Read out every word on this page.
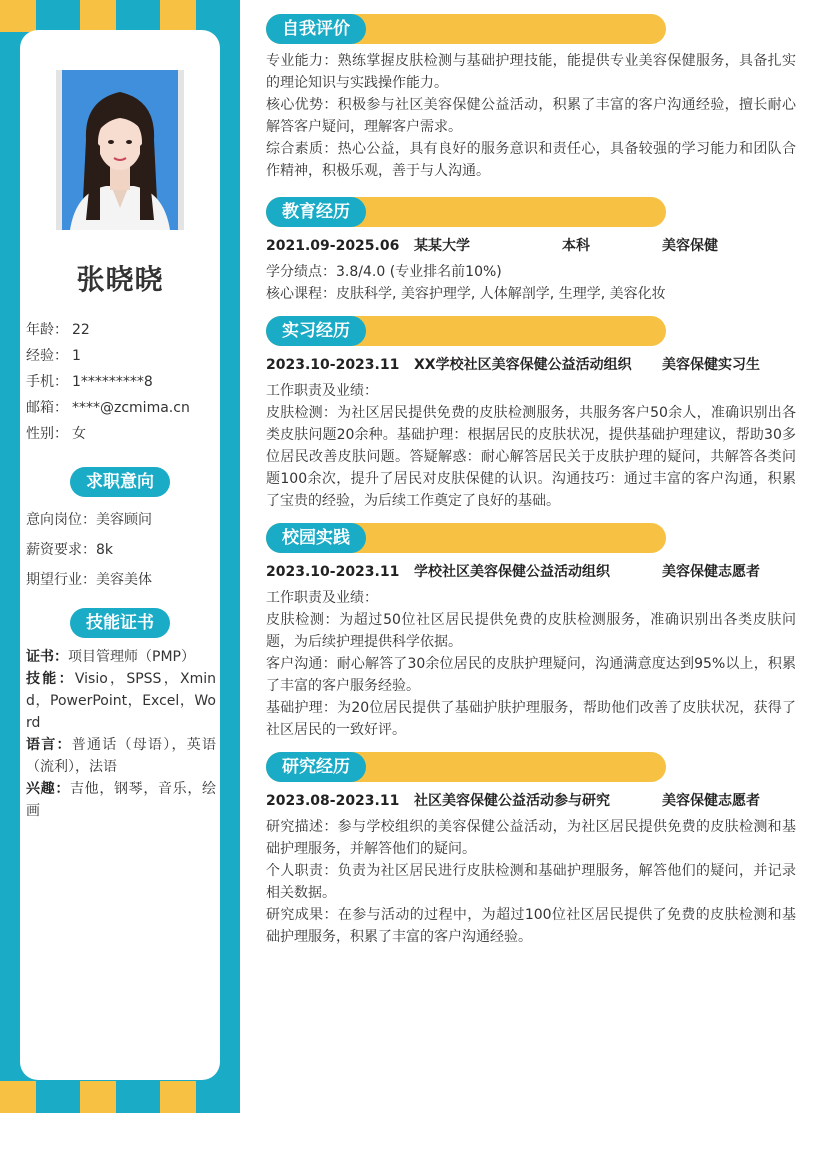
张晓晓
年龄： 22
经验： 1
手机： 1*********8
邮箱： ****@zcmima.cn
性别： 女
求职意向
意向岗位：美容顾问
薪资要求：8k
期望行业：美容美体
技能证书

证书：项目管理师（PMP）

技能：Visio，SPSS，Xmind，PowerPoint，Excel，Word

语言：普通话（母语），英语（流利），法语

兴趣：吉他，钢琴，音乐，绘画

自我评价

专业能力：熟练掌握皮肤检测与基础护理技能，能提供专业美容保健服务，具备扎实的理论知识与实践操作能力。

核心优势：积极参与社区美容保健公益活动，积累了丰富的客户沟通经验，擅长耐心解答客户疑问，理解客户需求。

综合素质：热心公益，具有良好的服务意识和责任心，具备较强的学习能力和团队合作精神，积极乐观，善于与人沟通。

教育经历
2021.09-2025.06	某某大学	本科	美容保健

学分绩点：3.8/4.0 (专业排名前10%)

核心课程：皮肤科学, 美容护理学, 人体解剖学, 生理学, 美容化妆

实习经历
2023.10-2023.11	XX学校社区美容保健公益活动组织	美容保健实习生

工作职责及业绩：

皮肤检测：为社区居民提供免费的皮肤检测服务，共服务客户50余人，准确识别出各类皮肤问题20余种。基础护理：根据居民的皮肤状况，提供基础护理建议，帮助30多位居民改善皮肤问题。答疑解惑：耐心解答居民关于皮肤护理的疑问，共解答各类问题100余次，提升了居民对皮肤保健的认识。沟通技巧：通过丰富的客户沟通，积累了宝贵的经验，为后续工作奠定了良好的基础。

校园实践
2023.10-2023.11	学校社区美容保健公益活动组织	美容保健志愿者

工作职责及业绩：

皮肤检测：为超过50位社区居民提供免费的皮肤检测服务，准确识别出各类皮肤问题，为后续护理提供科学依据。

客户沟通：耐心解答了30余位居民的皮肤护理疑问，沟通满意度达到95%以上，积累了丰富的客户服务经验。

基础护理：为20位居民提供了基础护肤护理服务，帮助他们改善了皮肤状况，获得了社区居民的一致好评。

研究经历
2023.08-2023.11	社区美容保健公益活动参与研究	美容保健志愿者

研究描述：参与学校组织的美容保健公益活动，为社区居民提供免费的皮肤检测和基础护理服务，并解答他们的疑问。

个人职责：负责为社区居民进行皮肤检测和基础护理服务，解答他们的疑问，并记录相关数据。

研究成果：在参与活动的过程中，为超过100位社区居民提供了免费的皮肤检测和基础护理服务，积累了丰富的客户沟通经验。
